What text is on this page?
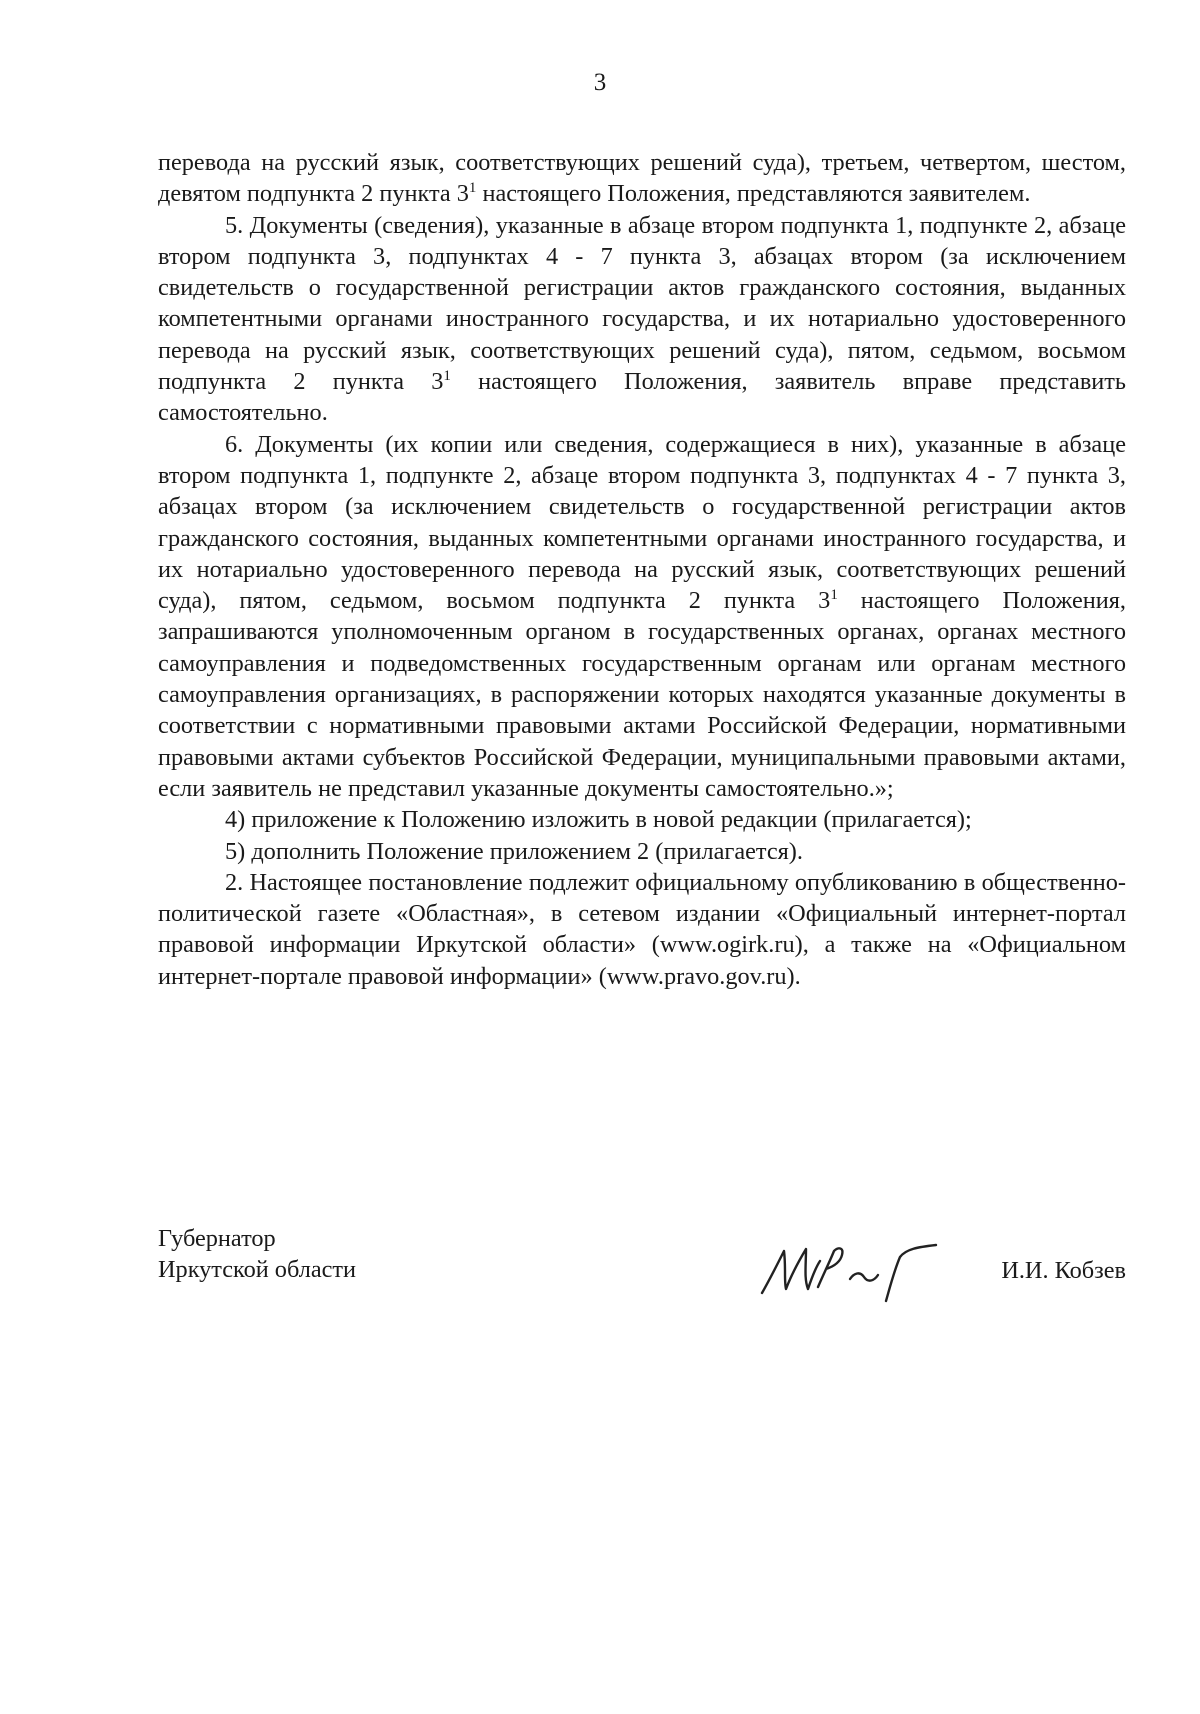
3

перевода на русский язык, соответствующих решений суда), третьем, четвертом, шестом, девятом подпункта 2 пункта $3^1$ настоящего Положения, представляются заявителем.

5. Документы (сведения), указанные в абзаце втором подпункта 1, подпункте 2, абзаце втором подпункта 3, подпунктах 4 - 7 пункта 3, абзацах втором (за исключением свидетельств о государственной регистрации актов гражданского состояния, выданных компетентными органами иностранного государства, и их нотариально удостоверенного перевода на русский язык, соответствующих решений суда), пятом, седьмом, восьмом подпункта 2 пункта $3^1$ настоящего Положения, заявитель вправе представить самостоятельно.

6. Документы (их копии или сведения, содержащиеся в них), указанные в абзаце втором подпункта 1, подпункте 2, абзаце втором подпункта 3, подпунктах 4 - 7 пункта 3, абзацах втором (за исключением свидетельств о государственной регистрации актов гражданского состояния, выданных компетентными органами иностранного государства, и их нотариально удостоверенного перевода на русский язык, соответствующих решений суда), пятом, седьмом, восьмом подпункта 2 пункта $3^1$ настоящего Положения, запрашиваются уполномоченным органом в государственных органах, органах местного самоуправления и подведомственных государственным органам или органам местного самоуправления организациях, в распоряжении которых находятся указанные документы в соответствии с нормативными правовыми актами Российской Федерации, нормативными правовыми актами субъектов Российской Федерации, муниципальными правовыми актами, если заявитель не представил указанные документы самостоятельно.»;

4) приложение к Положению изложить в новой редакции (прилагается);

5) дополнить Положение приложением 2 (прилагается).

2. Настоящее постановление подлежит официальному опубликованию в общественно-политической газете «Областная», в сетевом издании «Официальный интернет-портал правовой информации Иркутской области» (www.ogirk.ru), а также на «Официальном интернет-портале правовой информации» (www.pravo.gov.ru).

Губернатор
Иркутской области	И.И. Кобзев
